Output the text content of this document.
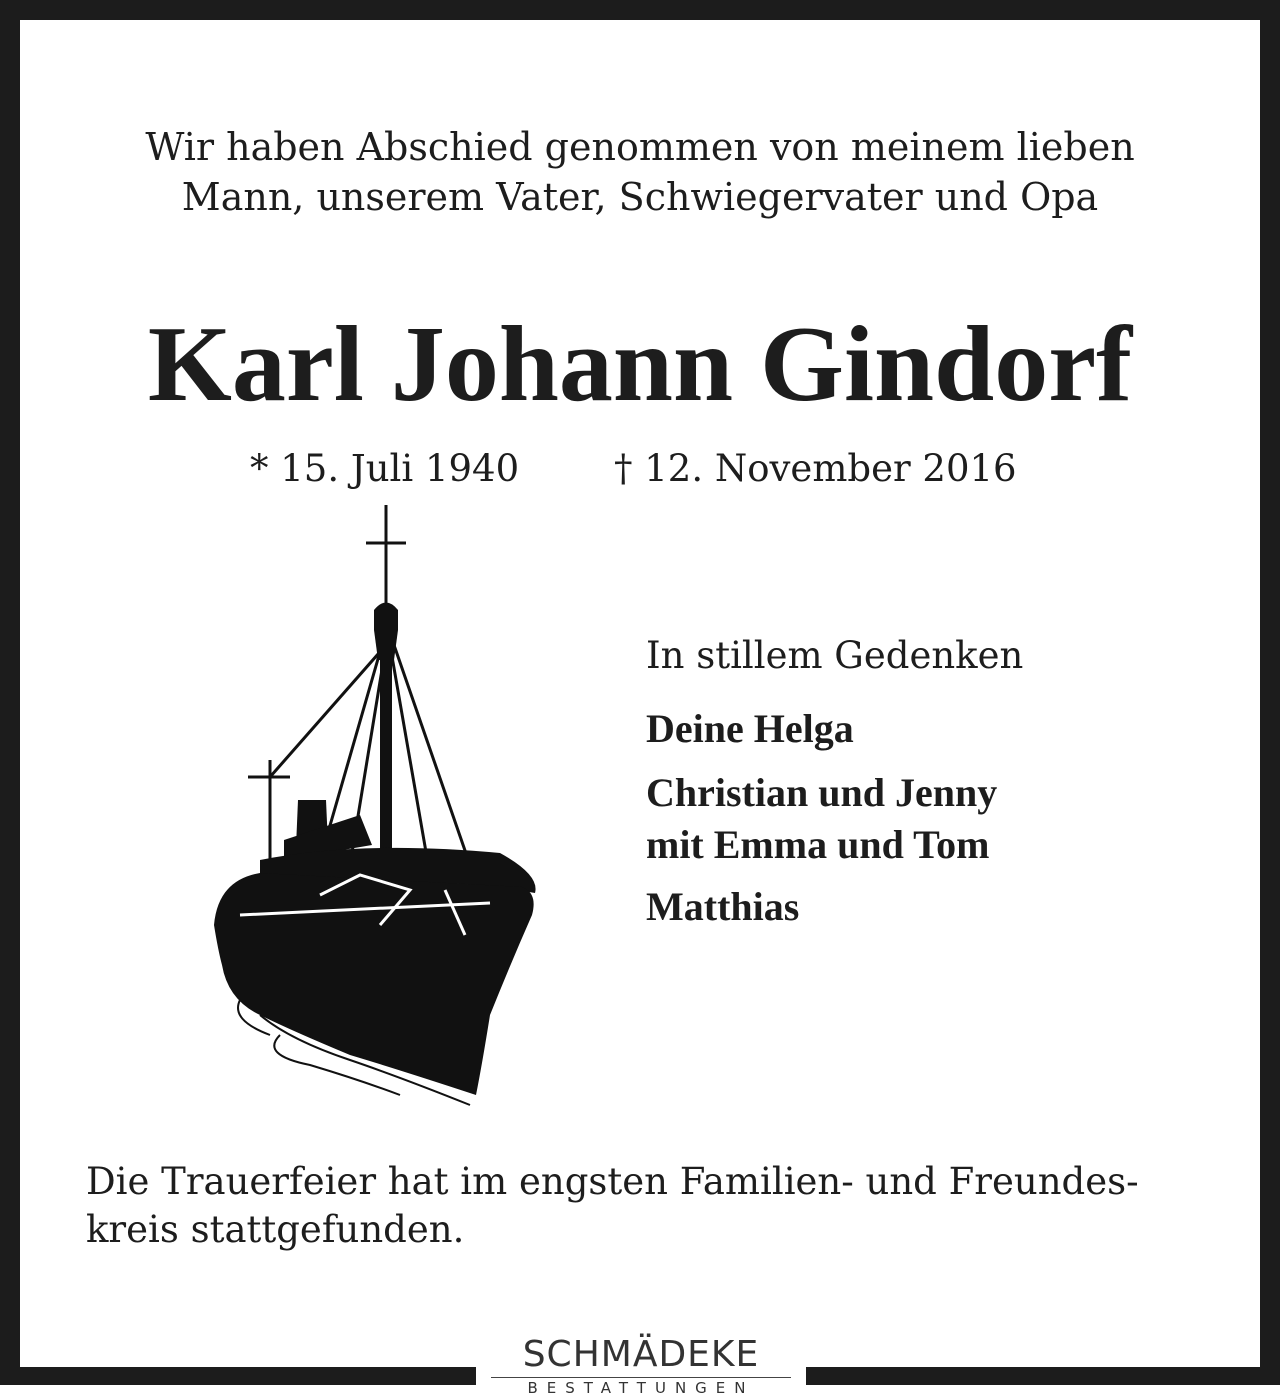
Wir haben Abschied genommen von meinem lieben
Mann, unserem Vater, Schwiegervater und Opa

Karl Johann Gindorf
* 15. Juli 1940	† 12. November 2016
In stillem Gedenken
Deine Helga
Christian und Jenny
mit Emma und Tom
Matthias
Die Trauerfeier hat im engsten Familien- und Freundes-
kreis stattgefunden.
SCHMÄDEKE
BESTATTUNGEN
